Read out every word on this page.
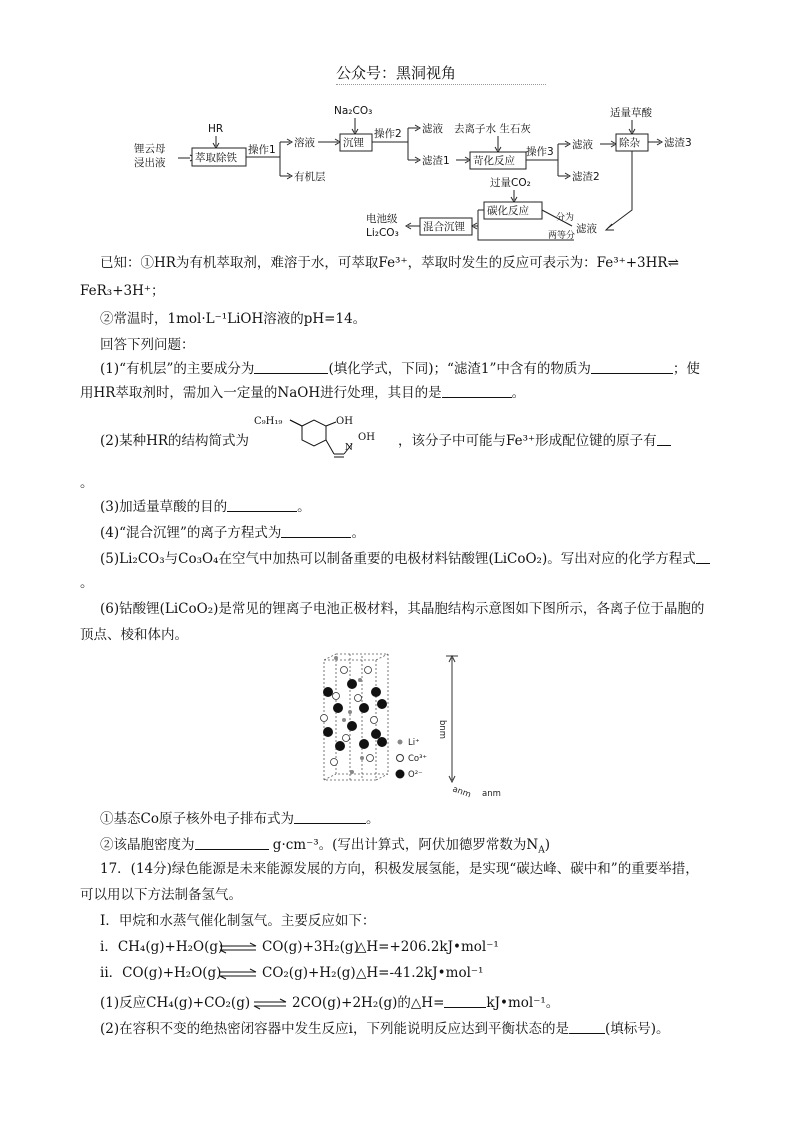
公众号：黑洞视角
锂云母
浸出液
HR
萃取除铁
操作1
溶液
有机层
Na₂CO₃
沉锂
操作2 滤液
滤渣1
去离子水 生石灰
苛化反应
操作3
滤液
滤渣2
适量草酸
除杂 滤渣3
滤液
分为
两等分
过量CO₂
碳化反应
混合沉锂
电池级
Li₂CO₃
已知：①HR为有机萃取剂，难溶于水，可萃取Fe³⁺，萃取时发生的反应可表示为：Fe³⁺+3HR⇌
FeR₃+3H⁺；
②常温时，1mol·L⁻¹LiOH溶液的pH=14。
回答下列问题：
(1)“有机层”的主要成分为	(填化学式，下同)；“滤渣1”中含有的物质为	；使
用HR萃取剂时，需加入一定量的NaOH进行处理，其目的是	。
(2)某种HR的结构简式为
C₉H₁₉	OH
OH
N	，该分子中可能与Fe³⁺形成配位键的原子有
。
(3)加适量草酸的目的	。
(4)“混合沉锂”的离子方程式为	。
(5)Li₂CO₃与Co₃O₄在空气中加热可以制备重要的电极材料钴酸锂(LiCoO₂)。写出对应的化学方程式
。
(6)钴酸锂(LiCoO₂)是常见的锂离子电池正极材料，其晶胞结构示意图如下图所示，各离子位于晶胞的
顶点、棱和体内。
Li⁺
Co³⁺
O²⁻
bnm
anm anm
①基态Co原子核外电子排布式为	。
②该晶胞密度为	g·cm⁻³。(写出计算式，阿伏加德罗常数为$N_A$)
17．(14分)绿色能源是未来能源发展的方向，积极发展氢能，是实现“碳达峰、碳中和”的重要举措，
可以用以下方法制备氢气。
I．甲烷和水蒸气催化制氢气。主要反应如下：
i．CH₄(g)+H₂O(g)	CO(g)+3H₂(g)
△H=+206.2kJ•mol⁻¹
ii．CO(g)+H₂O(g)	CO₂(g)+H₂(g) △H=-41.2kJ•mol⁻¹
(1)反应CH₄(g)+CO₂(g)	2CO(g)+2H₂(g)的△H=	kJ•mol⁻¹。
(2)在容积不变的绝热密闭容器中发生反应i，下列能说明反应达到平衡状态的是	(填标号)。
